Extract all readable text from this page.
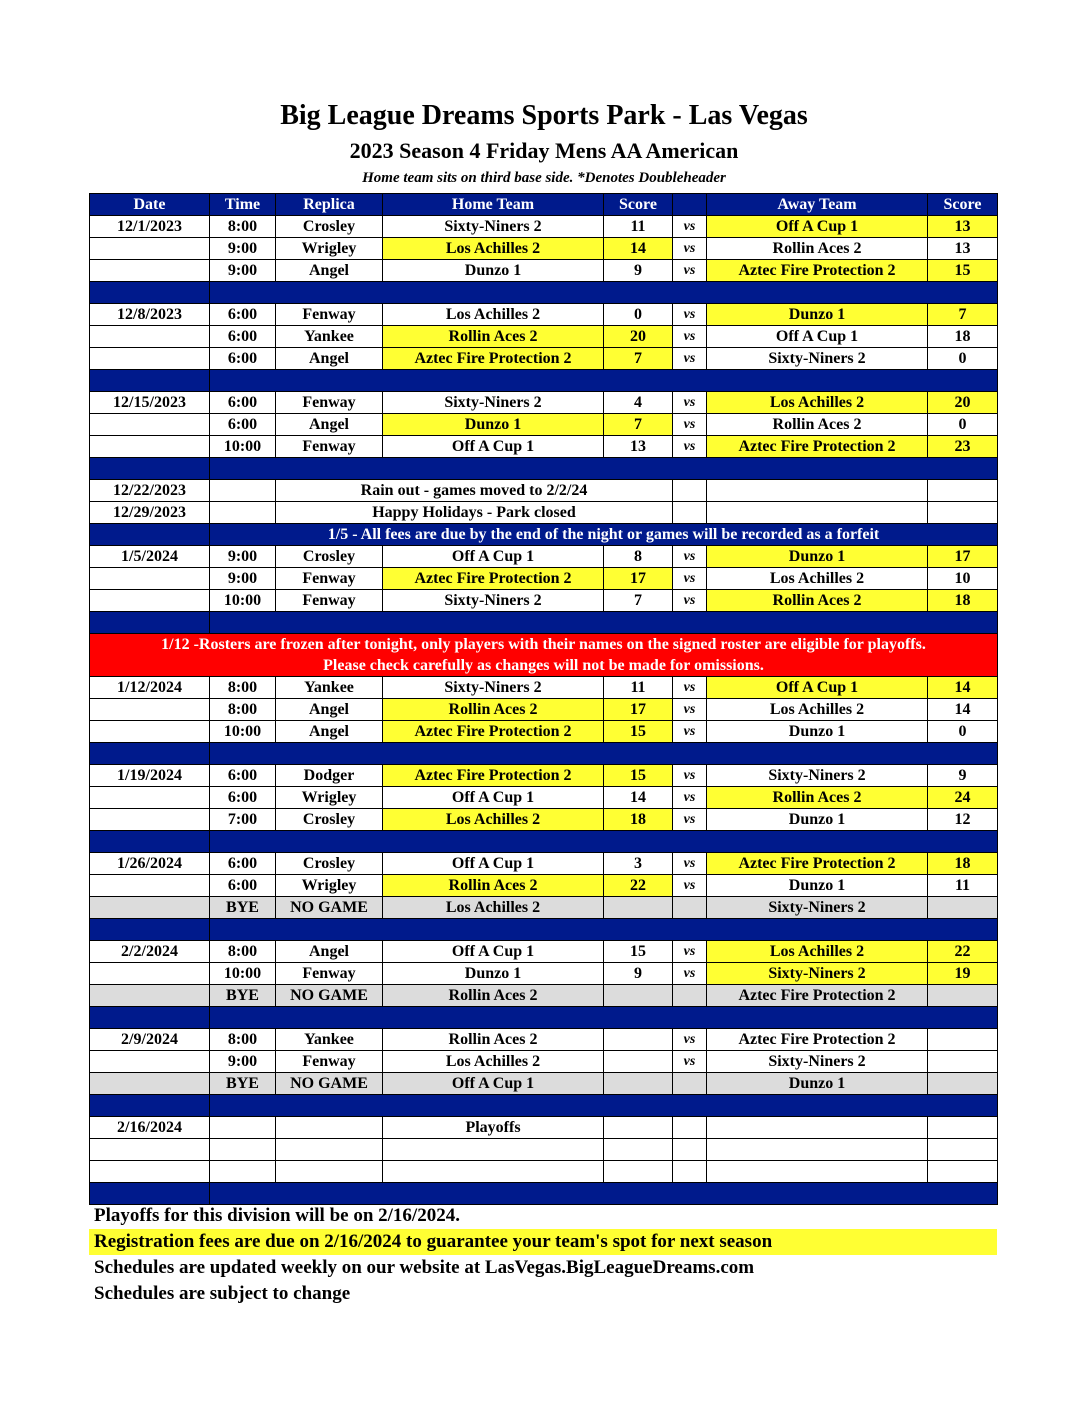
Big League Dreams Sports Park - Las Vegas
2023 Season 4 Friday Mens AA American
Home team sits on third base side. *Denotes Doubleheader
Date	Time	Replica	Home Team	Score		Away Team	Score
12/1/2023	8:00	Crosley	Sixty-Niners 2	11	vs	Off A Cup 1	13
	9:00	Wrigley	Los Achilles 2	14	vs	Rollin Aces 2	13
	9:00	Angel	Dunzo 1	9	vs	Aztec Fire Protection 2	15

12/8/2023	6:00	Fenway	Los Achilles 2	0	vs	Dunzo 1	7
	6:00	Yankee	Rollin Aces 2	20	vs	Off A Cup 1	18
	6:00	Angel	Aztec Fire Protection 2	7	vs	Sixty-Niners 2	0

12/15/2023	6:00	Fenway	Sixty-Niners 2	4	vs	Los Achilles 2	20
	6:00	Angel	Dunzo 1	7	vs	Rollin Aces 2	0
	10:00	Fenway	Off A Cup 1	13	vs	Aztec Fire Protection 2	23

12/22/2023		Rain out - games moved to 2/2/24					
12/29/2023		Happy Holidays - Park closed					
	1/5 - All fees are due by the end of the night or games will be recorded as a forfeit						
1/5/2024	9:00	Crosley	Off A Cup 1	8	vs	Dunzo 1	17
	9:00	Fenway	Aztec Fire Protection 2	17	vs	Los Achilles 2	10
	10:00	Fenway	Sixty-Niners 2	7	vs	Rollin Aces 2	18

1/12 -Rosters are frozen after tonight, only players with their names on the signed roster are eligible for playoffs.
Please check carefully as changes will not be made for omissions.							

1/12/2024	8:00	Yankee	Sixty-Niners 2	11	vs	Off A Cup 1	14
	8:00	Angel	Rollin Aces 2	17	vs	Los Achilles 2	14
	10:00	Angel	Aztec Fire Protection 2	15	vs	Dunzo 1	0

1/19/2024	6:00	Dodger	Aztec Fire Protection 2	15	vs	Sixty-Niners 2	9
	6:00	Wrigley	Off A Cup 1	14	vs	Rollin Aces 2	24
	7:00	Crosley	Los Achilles 2	18	vs	Dunzo 1	12

1/26/2024	6:00	Crosley	Off A Cup 1	3	vs	Aztec Fire Protection 2	18
	6:00	Wrigley	Rollin Aces 2	22	vs	Dunzo 1	11
	BYE	NO GAME	Los Achilles 2			Sixty-Niners 2	

2/2/2024	8:00	Angel	Off A Cup 1	15	vs	Los Achilles 2	22
	10:00	Fenway	Dunzo 1	9	vs	Sixty-Niners 2	19
	BYE	NO GAME	Rollin Aces 2			Aztec Fire Protection 2	

2/9/2024	8:00	Yankee	Rollin Aces 2		vs	Aztec Fire Protection 2	
	9:00	Fenway	Los Achilles 2		vs	Sixty-Niners 2	
	BYE	NO GAME	Off A Cup 1			Dunzo 1	

2/16/2024			Playoffs				

Playoffs for this division will be on 2/16/2024.
Registration fees are due on 2/16/2024 to guarantee your team's spot for next season
Schedules are updated weekly on our website at LasVegas.BigLeagueDreams.com
Schedules are subject to change
